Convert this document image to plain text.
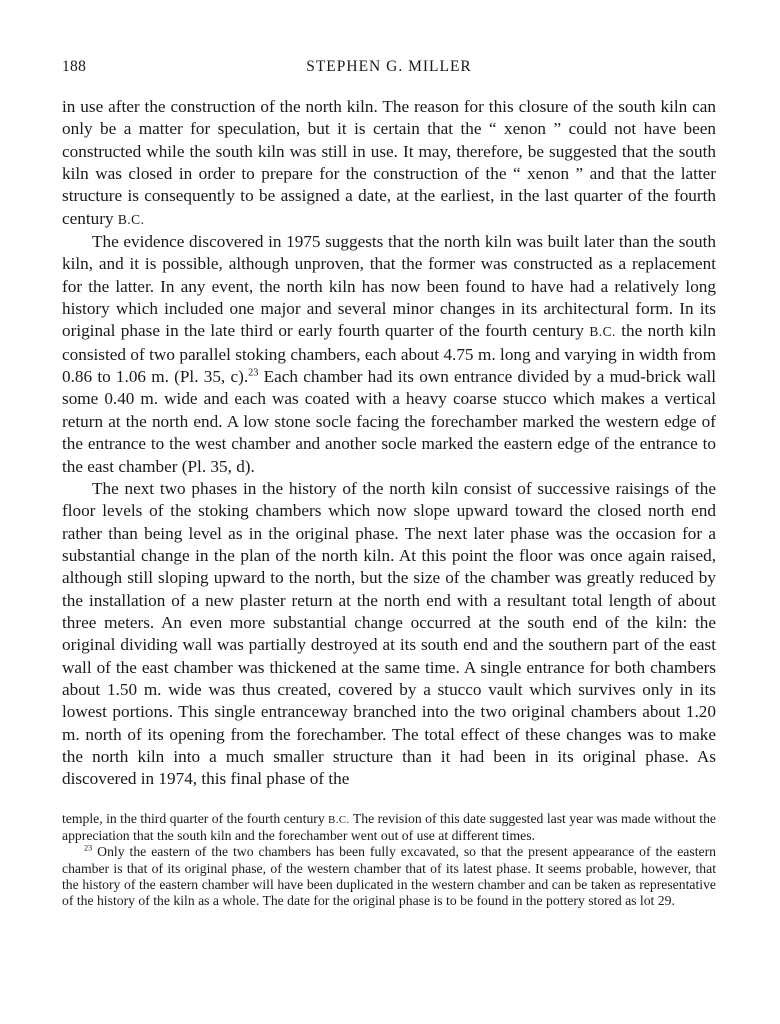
188	STEPHEN G. MILLER

in use after the construction of the north kiln. The reason for this closure of the south kiln can only be a matter for speculation, but it is certain that the “ xenon ” could not have been constructed while the south kiln was still in use. It may, therefore, be suggested that the south kiln was closed in order to prepare for the construction of the “ xenon ” and that the latter structure is consequently to be assigned a date, at the earliest, in the last quarter of the fourth century B.C.

The evidence discovered in 1975 suggests that the north kiln was built later than the south kiln, and it is possible, although unproven, that the former was constructed as a replacement for the latter. In any event, the north kiln has now been found to have had a relatively long history which included one major and several minor changes in its architectural form. In its original phase in the late third or early fourth quarter of the fourth century B.C. the north kiln consisted of two parallel stoking chambers, each about 4.75 m. long and varying in width from 0.86 to 1.06 m. (Pl. 35, c).$^{23}$ Each chamber had its own entrance divided by a mud-brick wall some 0.40 m. wide and each was coated with a heavy coarse stucco which makes a vertical return at the north end. A low stone socle facing the forechamber marked the western edge of the entrance to the west chamber and another socle marked the eastern edge of the entrance to the east chamber (Pl. 35, d).

The next two phases in the history of the north kiln consist of successive raisings of the floor levels of the stoking chambers which now slope upward toward the closed north end rather than being level as in the original phase. The next later phase was the occasion for a substantial change in the plan of the north kiln. At this point the floor was once again raised, although still sloping upward to the north, but the size of the chamber was greatly reduced by the installation of a new plaster return at the north end with a resultant total length of about three meters. An even more substantial change occurred at the south end of the kiln: the original dividing wall was partially destroyed at its south end and the southern part of the east wall of the east chamber was thickened at the same time. A single entrance for both chambers about 1.50 m. wide was thus created, covered by a stucco vault which survives only in its lowest portions. This single entranceway branched into the two original chambers about 1.20 m. north of its opening from the forechamber. The total effect of these changes was to make the north kiln into a much smaller structure than it had been in its original phase. As discovered in 1974, this final phase of the

temple, in the third quarter of the fourth century B.C. The revision of this date suggested last year was made without the appreciation that the south kiln and the forechamber went out of use at different times.

$^{23}$ Only the eastern of the two chambers has been fully excavated, so that the present appearance of the eastern chamber is that of its original phase, of the western chamber that of its latest phase. It seems probable, however, that the history of the eastern chamber will have been duplicated in the western chamber and can be taken as representative of the history of the kiln as a whole. The date for the original phase is to be found in the pottery stored as lot 29.
